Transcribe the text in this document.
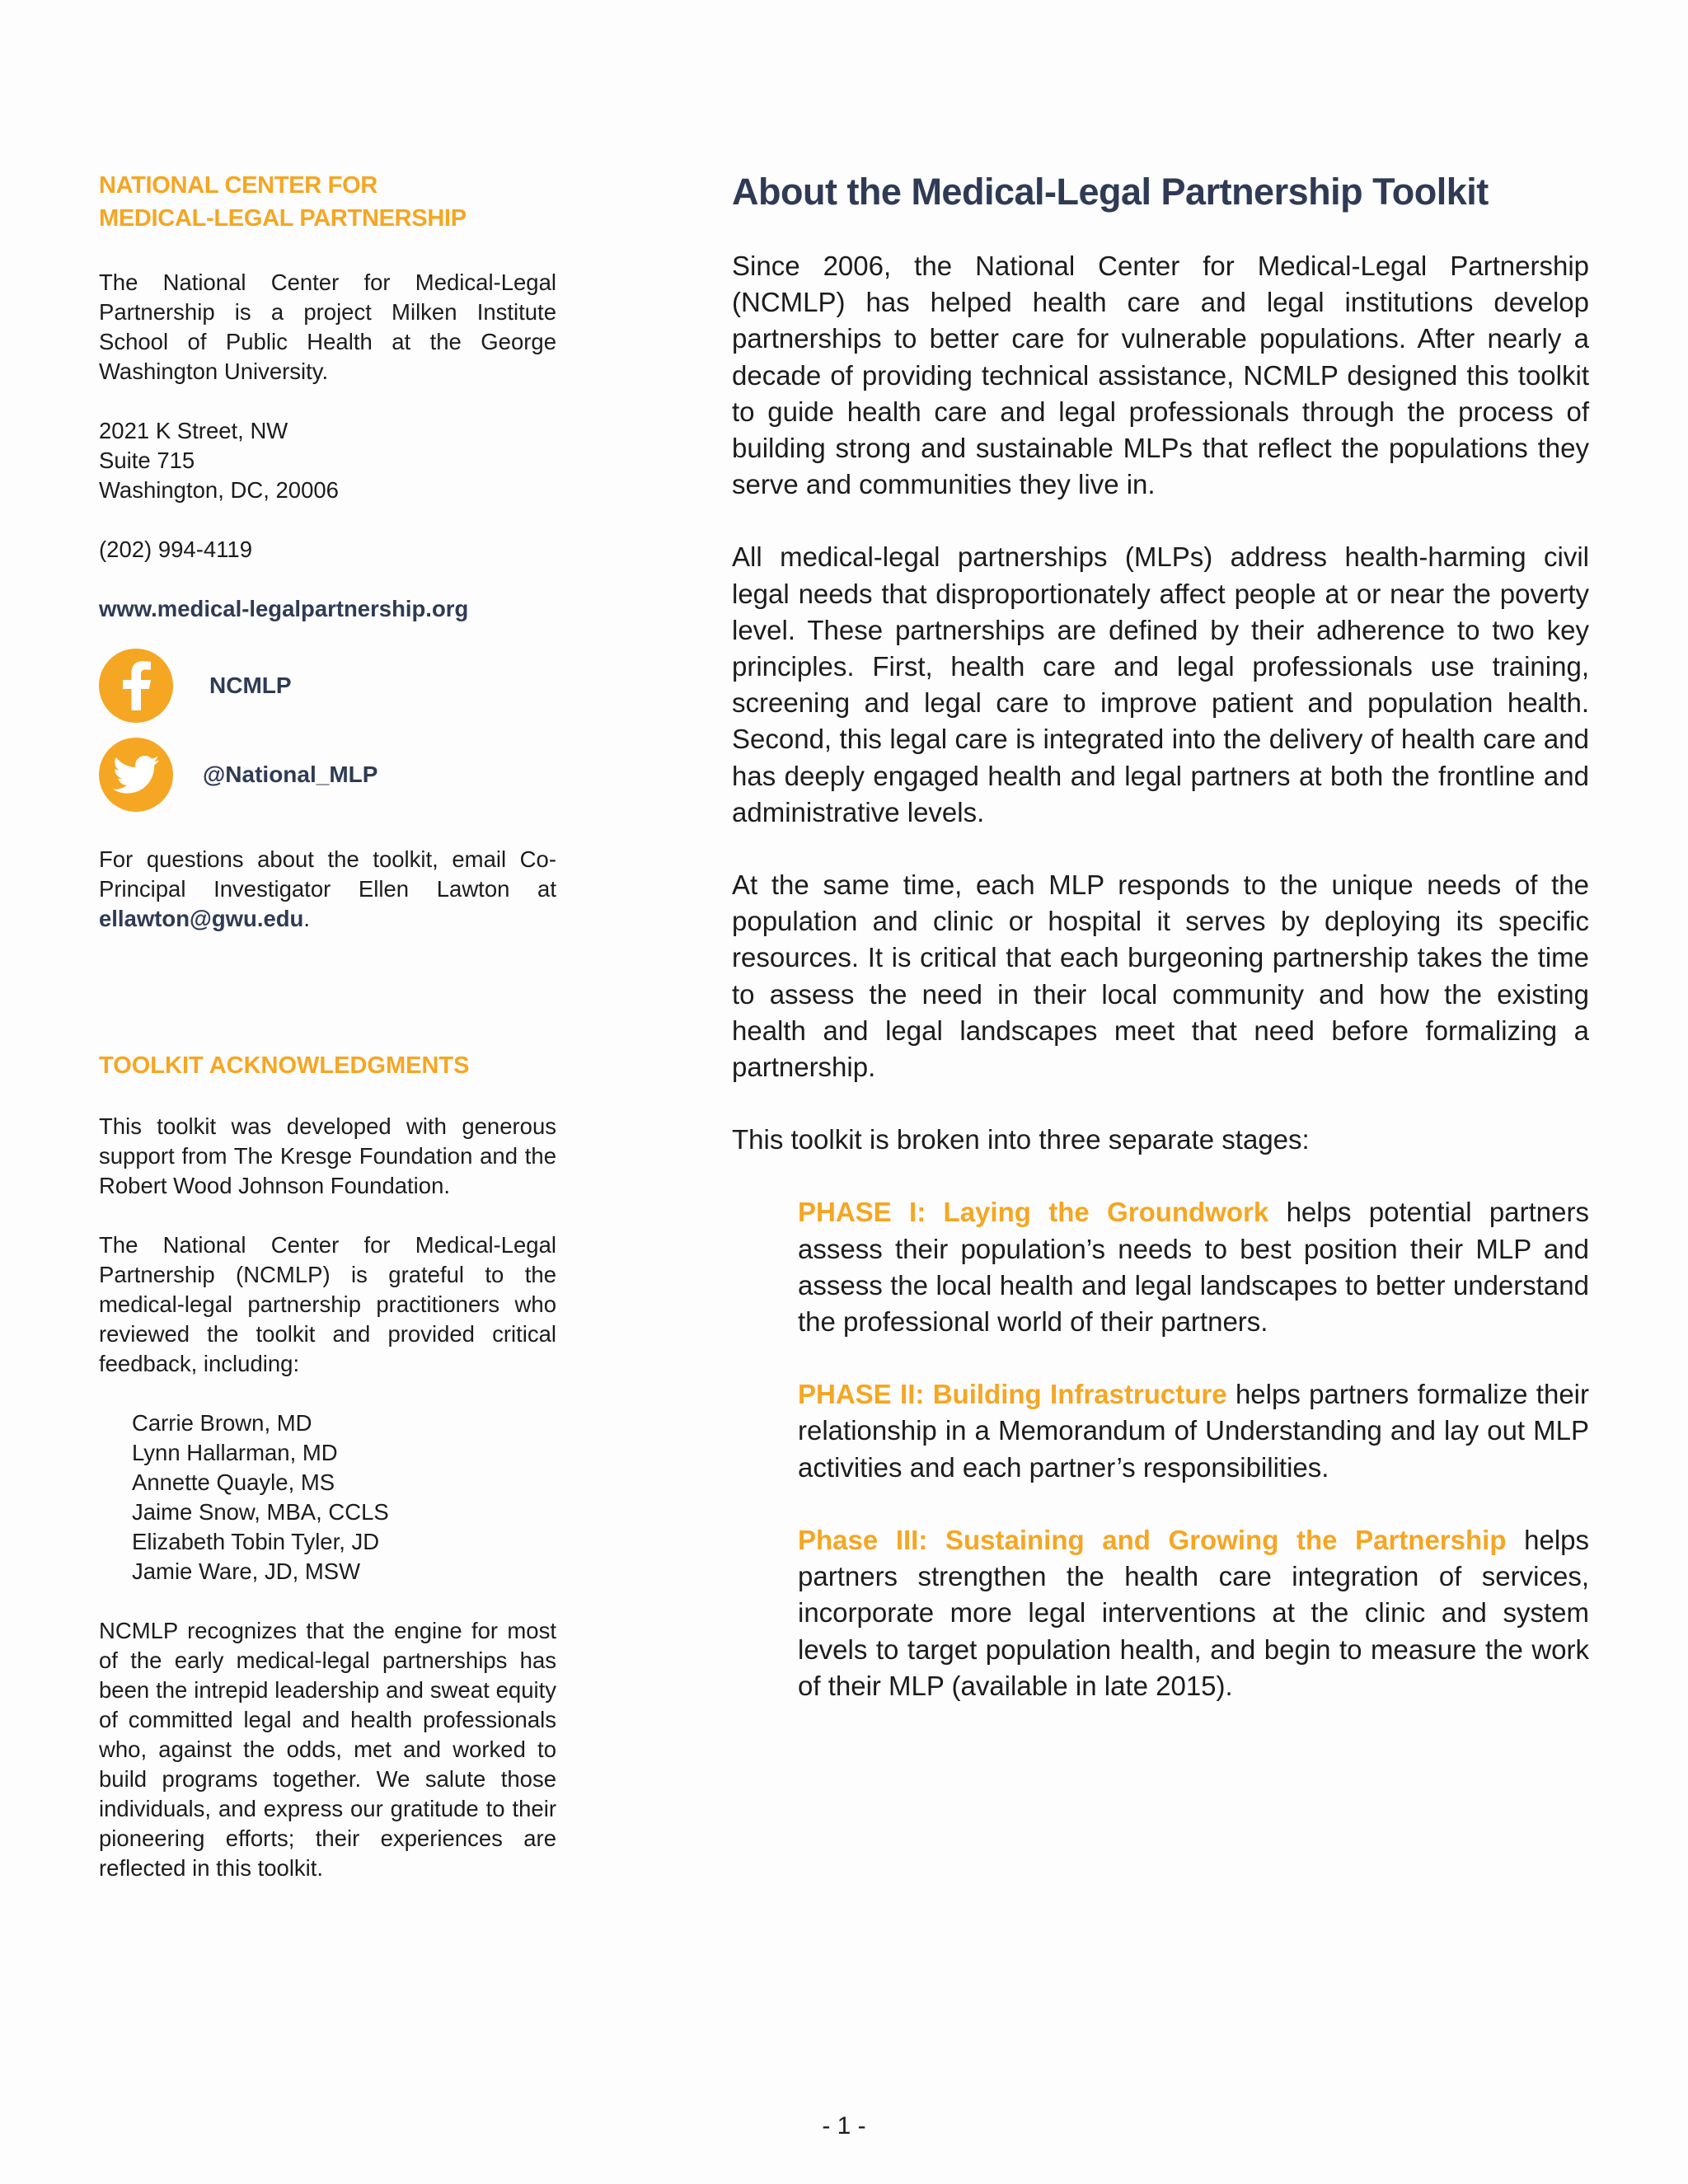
NATIONAL CENTER FOR
MEDICAL-LEGAL PARTNERSHIP

The National Center for Medical-Legal Partnership is a project Milken Institute School of Public Health at the George Washington University.

2021 K Street, NW
Suite 715
Washington, DC, 20006

(202) 994-4119

www.medical-legalpartnership.org

NCMLP
@National_MLP

For questions about the toolkit, email Co-Principal Investigator Ellen Lawton at ellawton@gwu.edu.

TOOLKIT ACKNOWLEDGMENTS

This toolkit was developed with generous support from The Kresge Foundation and the Robert Wood Johnson Foundation.

The National Center for Medical-Legal Partnership (NCMLP) is grateful to the medical-legal partnership practitioners who reviewed the toolkit and provided critical feedback, including:

Carrie Brown, MD
Lynn Hallarman, MD
Annette Quayle, MS
Jaime Snow, MBA, CCLS
Elizabeth Tobin Tyler, JD
Jamie Ware, JD, MSW

NCMLP recognizes that the engine for most of the early medical-legal partnerships has been the intrepid leadership and sweat equity of committed legal and health professionals who, against the odds, met and worked to build programs together. We salute those individuals, and express our gratitude to their pioneering efforts; their experiences are reflected in this toolkit.

About the Medical-Legal Partnership Toolkit

Since 2006, the National Center for Medical-Legal Partnership (NCMLP) has helped health care and legal institutions develop partnerships to better care for vulnerable populations. After nearly a decade of providing technical assistance, NCMLP designed this toolkit to guide health care and legal professionals through the process of building strong and sustainable MLPs that reflect the populations they serve and communities they live in.

All medical-legal partnerships (MLPs) address health-harming civil legal needs that disproportionately affect people at or near the poverty level. These partnerships are defined by their adherence to two key principles. First, health care and legal professionals use training, screening and legal care to improve patient and population health. Second, this legal care is integrated into the delivery of health care and has deeply engaged health and legal partners at both the frontline and administrative levels.

At the same time, each MLP responds to the unique needs of the population and clinic or hospital it serves by deploying its specific resources. It is critical that each burgeoning partnership takes the time to assess the need in their local community and how the existing health and legal landscapes meet that need before formalizing a partnership.

This toolkit is broken into three separate stages:

PHASE I: Laying the Groundwork helps potential partners assess their population’s needs to best position their MLP and assess the local health and legal landscapes to better understand the professional world of their partners.

PHASE II: Building Infrastructure helps partners formalize their relationship in a Memorandum of Understanding and lay out MLP activities and each partner’s responsibilities.

Phase III: Sustaining and Growing the Partnership helps partners strengthen the health care integration of services, incorporate more legal interventions at the clinic and system levels to target population health, and begin to measure the work of their MLP (available in late 2015).

- 1 -
